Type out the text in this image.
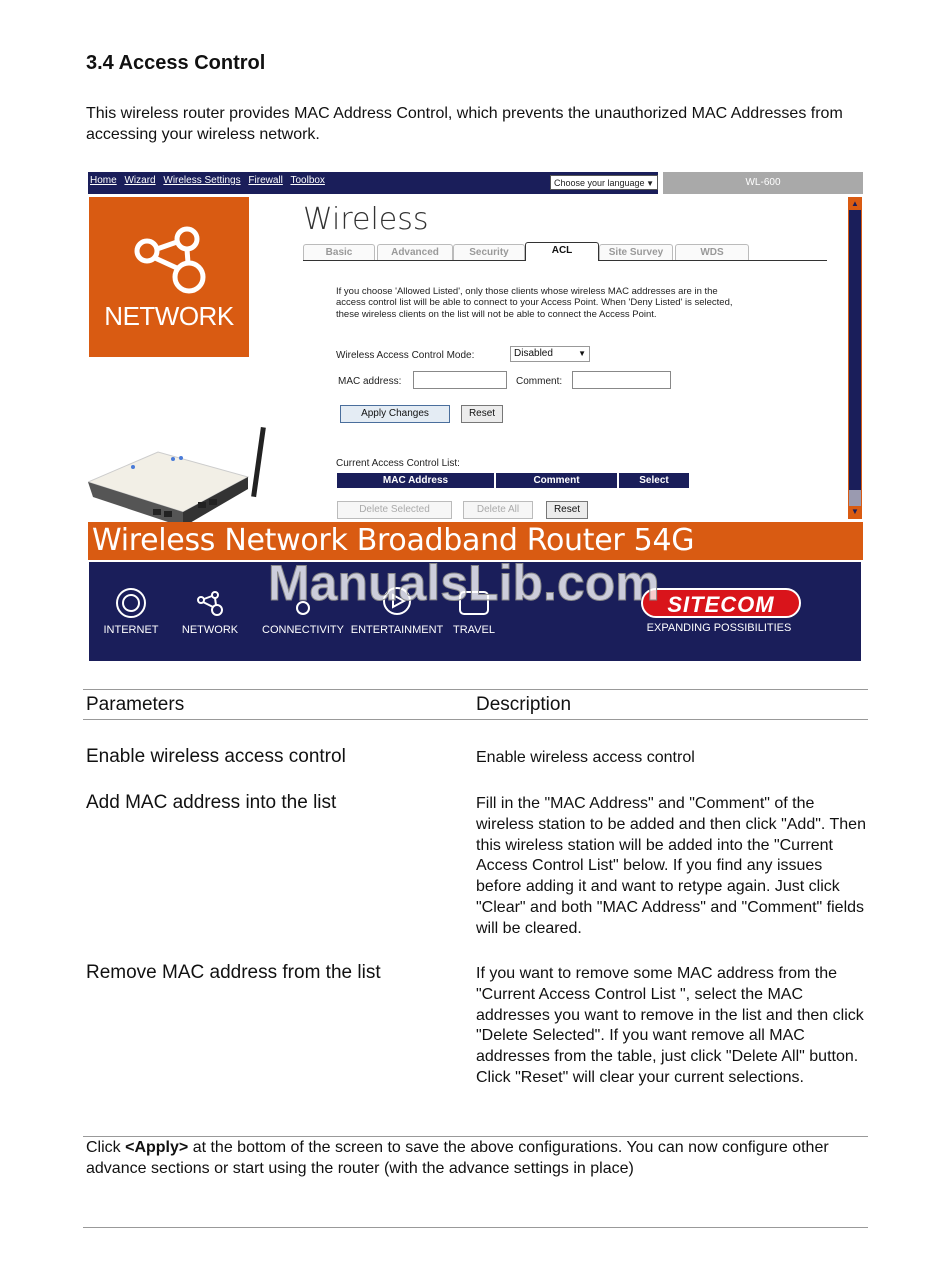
3.4 Access Control

This wireless router provides MAC Address Control, which prevents the unauthorized MAC Addresses from accessing your wireless network.

Home Wizard Wireless Settings Firewall Toolbox	Choose your language ▼	WL-600
NETWORK
Wireless
Basic	Advanced	Security	ACL	Site Survey	WDS
If you choose 'Allowed Listed', only those clients whose wireless MAC addresses are in the access control list will be able to connect to your Access Point. When 'Deny Listed' is selected, these wireless clients on the list will not be able to connect the Access Point.
Wireless Access Control Mode:	Disabled	▼
MAC address:	Comment:
Apply Changes	Reset
Current Access Control List:
MAC Address	Comment	Select
Delete Selected	Delete All	Reset
▲
▼
Wireless Network Broadband Router 54G
INTERNET	NETWORK	CONNECTIVITY ENTERTAINMENT TRAVEL
SITECOM
EXPANDING POSSIBILITIES
ManualsLib.com
Parameters	Description
Enable wireless access control	Enable wireless access control
Add MAC address into the list	Fill in the "MAC Address" and "Comment" of the wireless station to be added and then click "Add". Then this wireless station will be added into the "Current Access Control List" below. If you find any issues before adding it and want to retype again. Just click "Clear" and both "MAC Address" and "Comment" fields will be cleared.
Remove MAC address from the list	If you want to remove some MAC address from the "Current Access Control List ", select the MAC addresses you want to remove in the list and then click "Delete Selected". If you want remove all MAC addresses from the table, just click "Delete All" button. Click "Reset" will clear your current selections.

Click <Apply> at the bottom of the screen to save the above configurations. You can now configure other advance sections or start using the router (with the advance settings in place)
